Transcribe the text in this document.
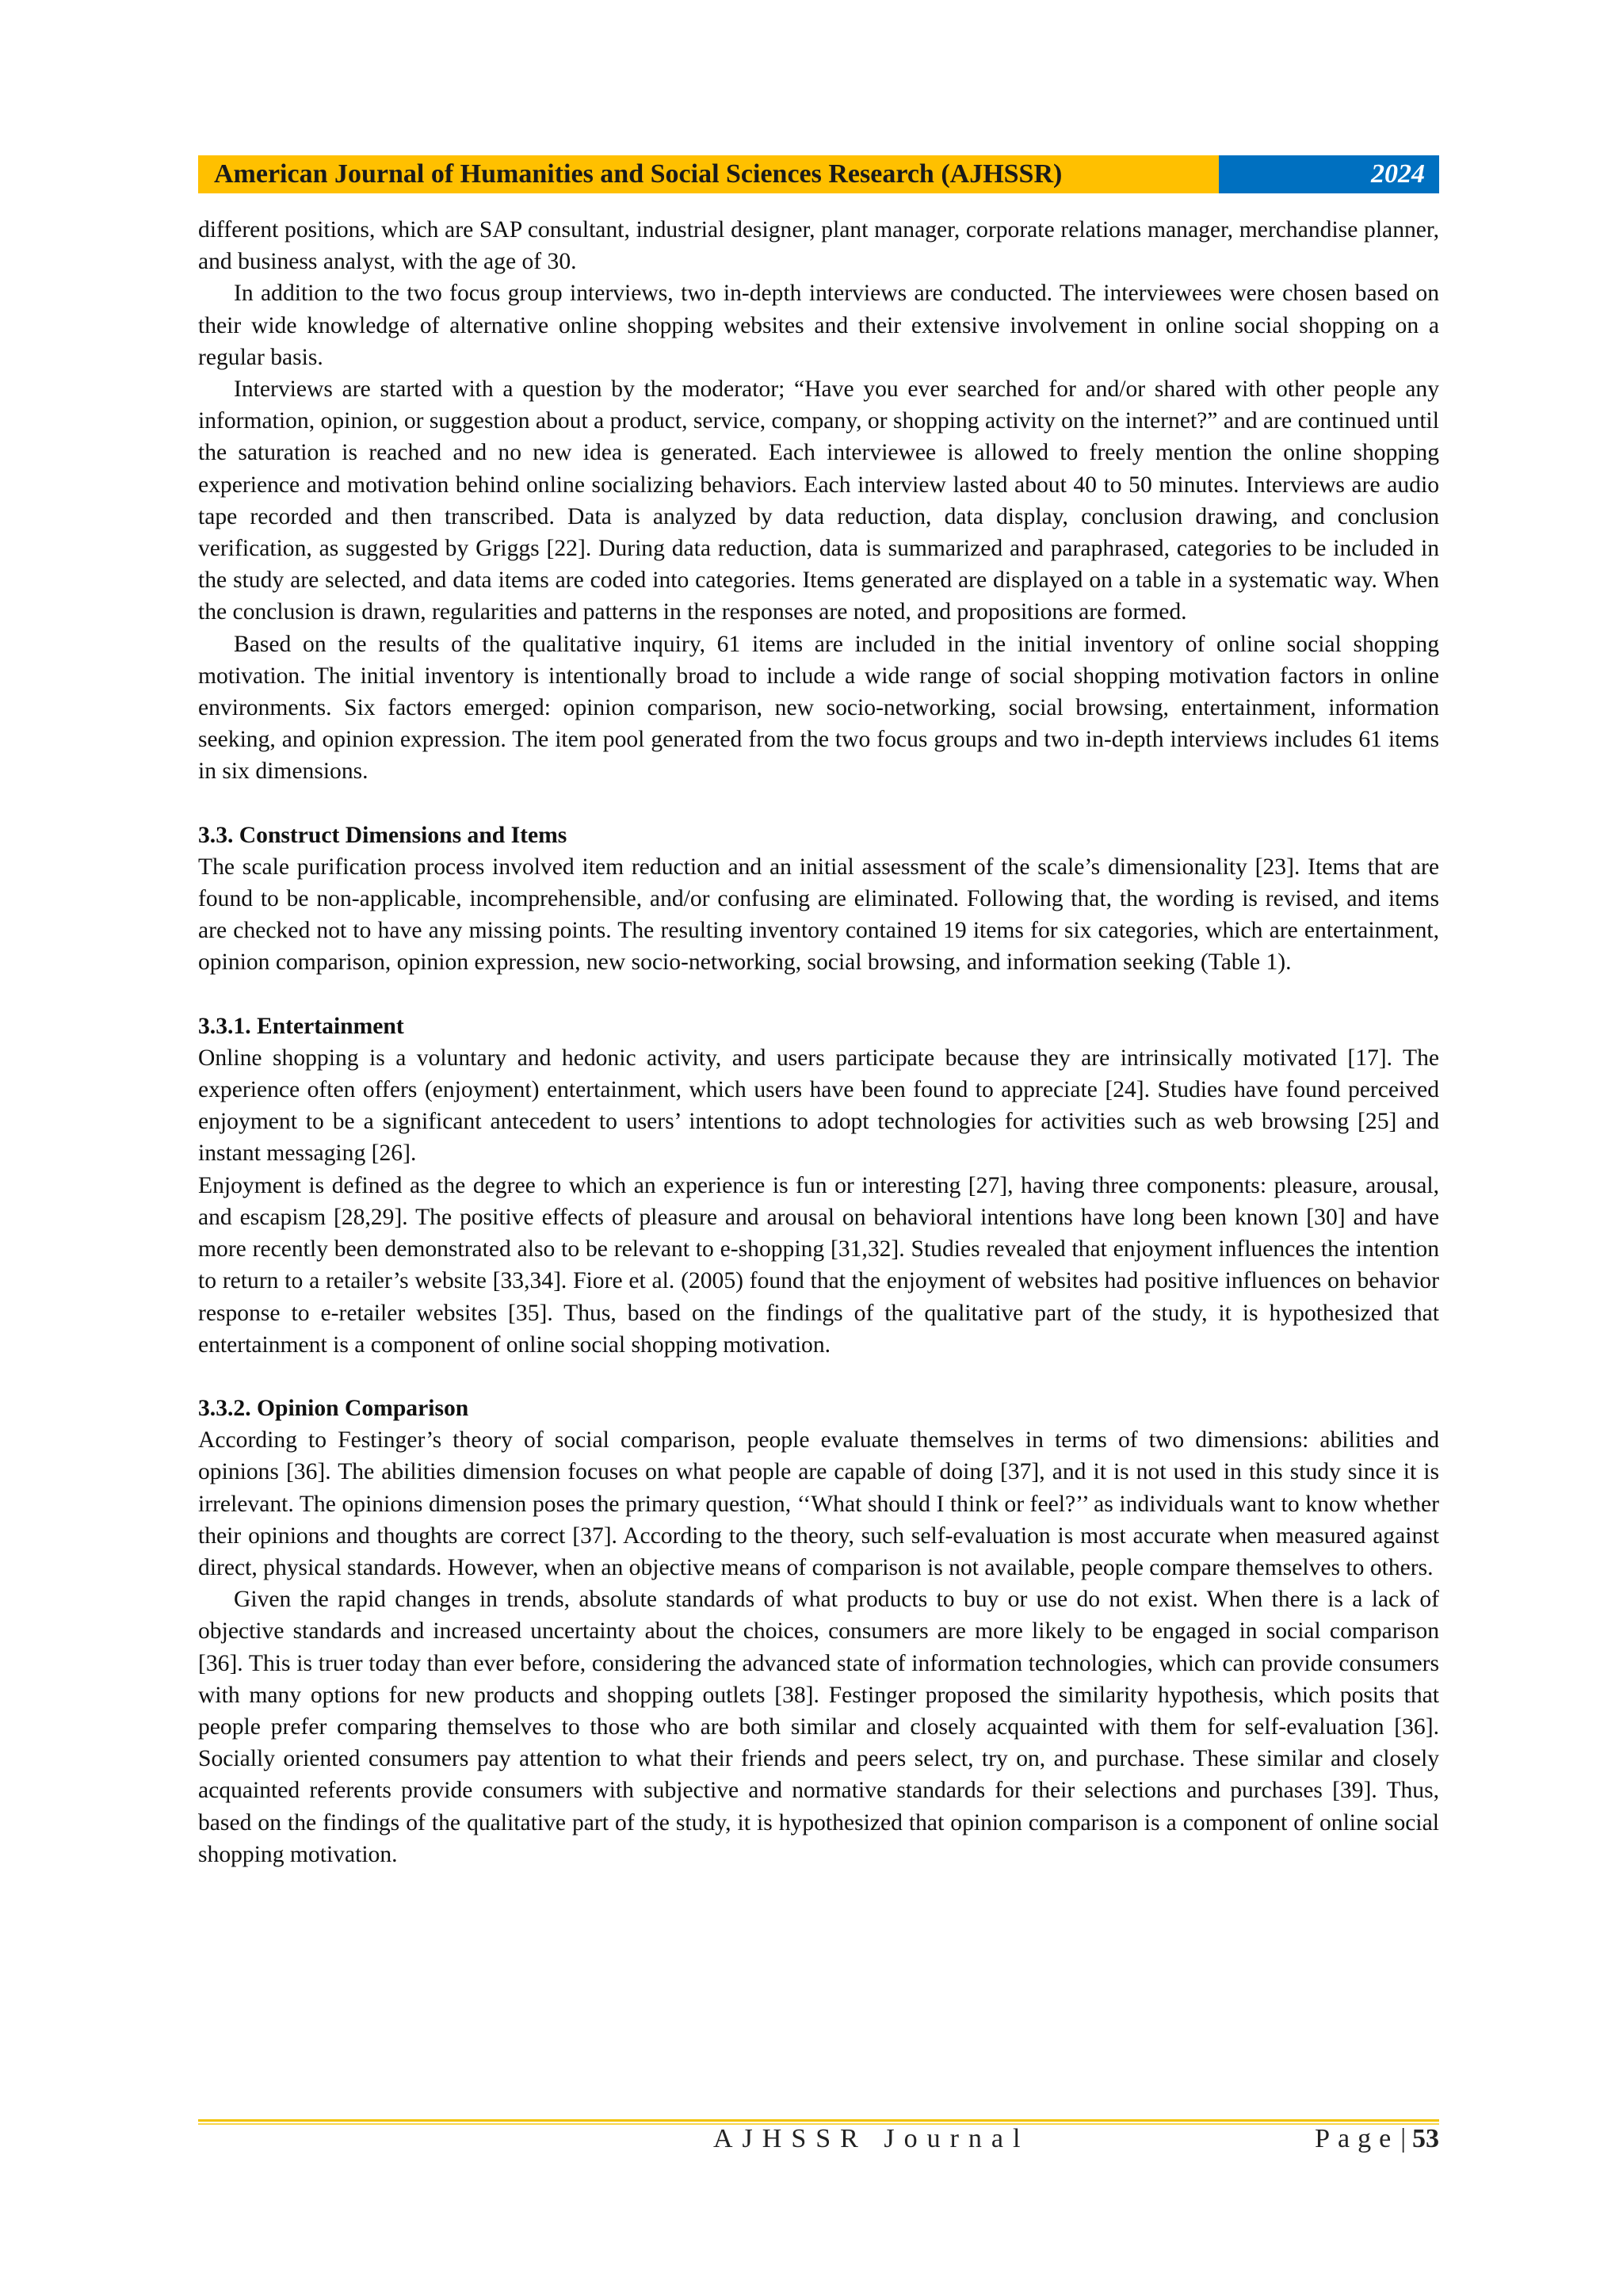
American Journal of Humanities and Social Sciences Research (AJHSSR)	2024

different positions, which are SAP consultant, industrial designer, plant manager, corporate relations manager, merchandise planner, and business analyst, with the age of 30.

In addition to the two focus group interviews, two in-depth interviews are conducted. The interviewees were chosen based on their wide knowledge of alternative online shopping websites and their extensive involvement in online social shopping on a regular basis.

Interviews are started with a question by the moderator; “Have you ever searched for and/or shared with other people any information, opinion, or suggestion about a product, service, company, or shopping activity on the internet?” and are continued until the saturation is reached and no new idea is generated. Each interviewee is allowed to freely mention the online shopping experience and motivation behind online socializing behaviors. Each interview lasted about 40 to 50 minutes. Interviews are audio tape recorded and then transcribed. Data is analyzed by data reduction, data display, conclusion drawing, and conclusion verification, as suggested by Griggs [22]. During data reduction, data is summarized and paraphrased, categories to be included in the study are selected, and data items are coded into categories. Items generated are displayed on a table in a systematic way. When the conclusion is drawn, regularities and patterns in the responses are noted, and propositions are formed.

Based on the results of the qualitative inquiry, 61 items are included in the initial inventory of online social shopping motivation. The initial inventory is intentionally broad to include a wide range of social shopping motivation factors in online environments. Six factors emerged: opinion comparison, new socio-networking, social browsing, entertainment, information seeking, and opinion expression. The item pool generated from the two focus groups and two in-depth interviews includes 61 items in six dimensions.

3.3. Construct Dimensions and Items

The scale purification process involved item reduction and an initial assessment of the scale’s dimensionality [23]. Items that are found to be non-applicable, incomprehensible, and/or confusing are eliminated. Following that, the wording is revised, and items are checked not to have any missing points. The resulting inventory contained 19 items for six categories, which are entertainment, opinion comparison, opinion expression, new socio-networking, social browsing, and information seeking (Table 1).

3.3.1. Entertainment

Online shopping is a voluntary and hedonic activity, and users participate because they are intrinsically motivated [17]. The experience often offers (enjoyment) entertainment, which users have been found to appreciate [24]. Studies have found perceived enjoyment to be a significant antecedent to users’ intentions to adopt technologies for activities such as web browsing [25] and instant messaging [26].

Enjoyment is defined as the degree to which an experience is fun or interesting [27], having three components: pleasure, arousal, and escapism [28,29]. The positive effects of pleasure and arousal on behavioral intentions have long been known [30] and have more recently been demonstrated also to be relevant to e-shopping [31,32]. Studies revealed that enjoyment influences the intention to return to a retailer’s website [33,34]. Fiore et al. (2005) found that the enjoyment of websites had positive influences on behavior response to e-retailer websites [35]. Thus, based on the findings of the qualitative part of the study, it is hypothesized that entertainment is a component of online social shopping motivation.

3.3.2. Opinion Comparison

According to Festinger’s theory of social comparison, people evaluate themselves in terms of two dimensions: abilities and opinions [36]. The abilities dimension focuses on what people are capable of doing [37], and it is not used in this study since it is irrelevant. The opinions dimension poses the primary question, ‘‘What should I think or feel?’’ as individuals want to know whether their opinions and thoughts are correct [37]. According to the theory, such self-evaluation is most accurate when measured against direct, physical standards. However, when an objective means of comparison is not available, people compare themselves to others.

Given the rapid changes in trends, absolute standards of what products to buy or use do not exist. When there is a lack of objective standards and increased uncertainty about the choices, consumers are more likely to be engaged in social comparison [36]. This is truer today than ever before, considering the advanced state of information technologies, which can provide consumers with many options for new products and shopping outlets [38]. Festinger proposed the similarity hypothesis, which posits that people prefer comparing themselves to those who are both similar and closely acquainted with them for self-evaluation [36]. Socially oriented consumers pay attention to what their friends and peers select, try on, and purchase. These similar and closely acquainted referents provide consumers with subjective and normative standards for their selections and purchases [39]. Thus, based on the findings of the qualitative part of the study, it is hypothesized that opinion comparison is a component of online social shopping motivation.

AJHSSR Journal	Page | 53
